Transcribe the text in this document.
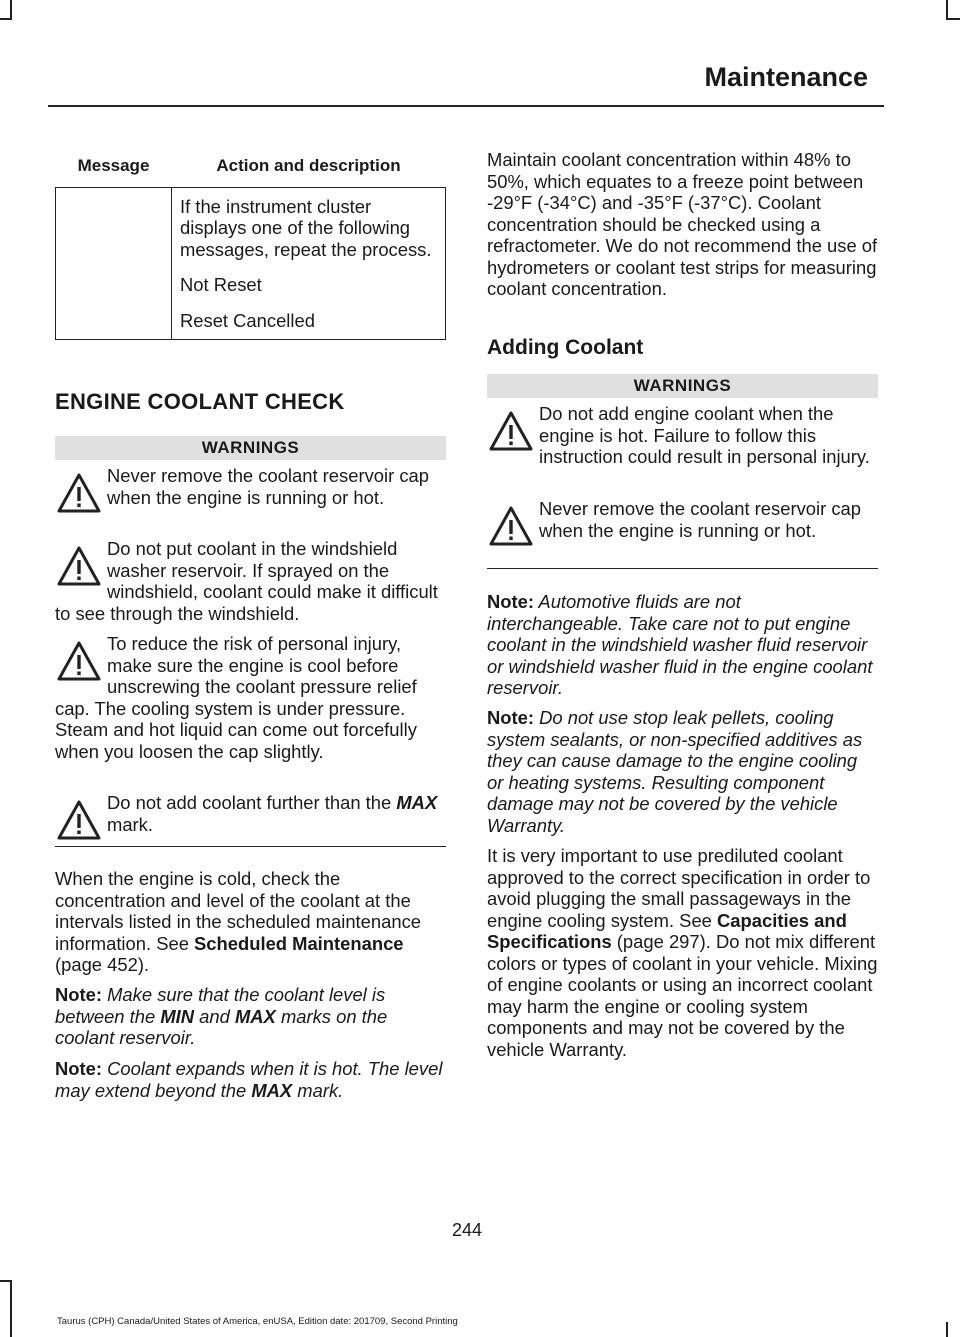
Maintenance
Message	Action and description

	If the instrument cluster displays one of the following messages, repeat the process.

Not Reset

Reset Cancelled

ENGINE COOLANT CHECK
WARNINGS
Never remove the coolant reservoir cap when the engine is running or hot.
Do not put coolant in the windshield washer reservoir. If sprayed on the windshield, coolant could make it difficult to see through the windshield.
To reduce the risk of personal injury, make sure the engine is cool before unscrewing the coolant pressure relief cap. The cooling system is under pressure. Steam and hot liquid can come out forcefully when you loosen the cap slightly.
Do not add coolant further than the MAX mark.
When the engine is cold, check the concentration and level of the coolant at the intervals listed in the scheduled maintenance information. See Scheduled Maintenance (page 452).
Note: Make sure that the coolant level is between the MIN and MAX marks on the coolant reservoir.
Note: Coolant expands when it is hot. The level may extend beyond the MAX mark.
Maintain coolant concentration within 48% to 50%, which equates to a freeze point between -29°F (-34°C) and -35°F (-37°C). Coolant concentration should be checked using a refractometer. We do not recommend the use of hydrometers or coolant test strips for measuring coolant concentration.
Adding Coolant
WARNINGS
Do not add engine coolant when the engine is hot. Failure to follow this instruction could result in personal injury.
Never remove the coolant reservoir cap when the engine is running or hot.
Note: Automotive fluids are not interchangeable. Take care not to put engine coolant in the windshield washer fluid reservoir or windshield washer fluid in the engine coolant reservoir.
Note: Do not use stop leak pellets, cooling system sealants, or non-specified additives as they can cause damage to the engine cooling or heating systems. Resulting component damage may not be covered by the vehicle Warranty.
It is very important to use prediluted coolant approved to the correct specification in order to avoid plugging the small passageways in the engine cooling system. See Capacities and Specifications (page 297). Do not mix different colors or types of coolant in your vehicle. Mixing of engine coolants or using an incorrect coolant may harm the engine or cooling system components and may not be covered by the vehicle Warranty.
244
Taurus (CPH) Canada/United States of America, enUSA, Edition date: 201709, Second Printing
